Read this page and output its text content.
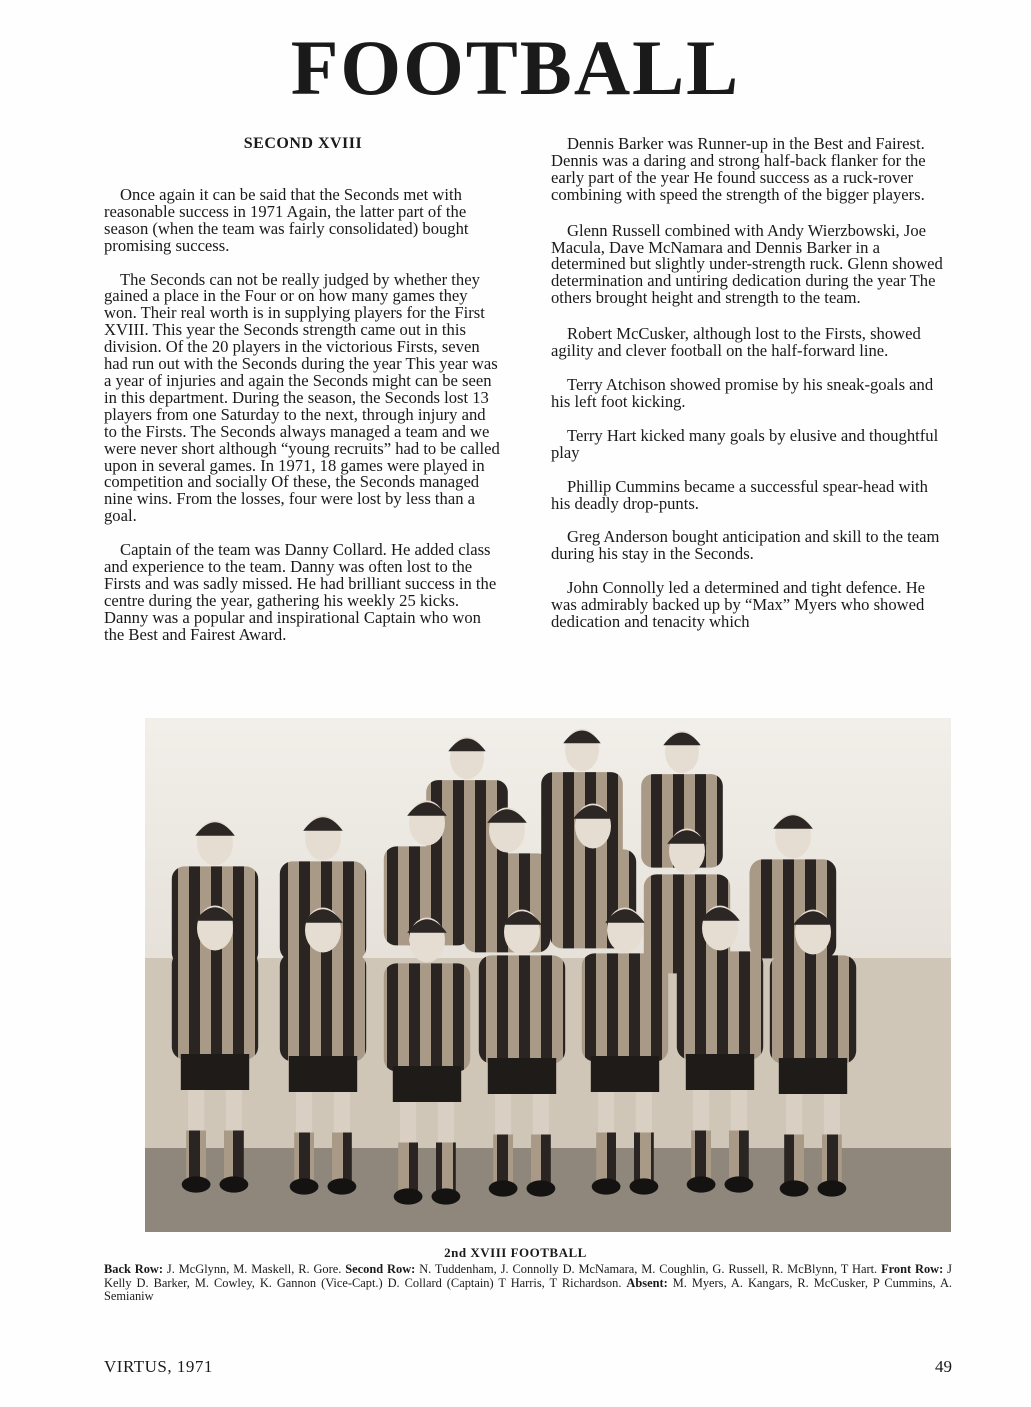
FOOTBALL

SECOND XVIII

Once again it can be said that the Seconds met with reasonable success in 1971 Again, the latter part of the season (when the team was fairly consolidated) bought promising success.

The Seconds can not be really judged by whether they gained a place in the Four or on how many games they won. Their real worth is in supplying players for the First XVIII. This year the Seconds strength came out in this division. Of the 20 players in the victorious Firsts, seven had run out with the Seconds during the year This year was a year of injuries and again the Seconds might can be seen in this department. During the season, the Seconds lost 13 players from one Saturday to the next, through injury and to the Firsts. The Seconds always managed a team and we were never short although “young recruits” had to be called upon in several games. In 1971, 18 games were played in competition and socially Of these, the Seconds managed nine wins. From the losses, four were lost by less than a goal.

Captain of the team was Danny Collard. He added class and experience to the team. Danny was often lost to the Firsts and was sadly missed. He had brilliant success in the centre during the year, gathering his weekly 25 kicks. Danny was a popular and inspirational Captain who won the Best and Fairest Award.

Dennis Barker was Runner-up in the Best and Fairest. Dennis was a daring and strong half-back flanker for the early part of the year He found success as a ruck-rover combining with speed the strength of the bigger players.

Glenn Russell combined with Andy Wierzbowski, Joe Macula, Dave McNamara and Dennis Barker in a determined but slightly under-strength ruck. Glenn showed determination and untiring dedication during the year The others brought height and strength to the team.

Robert McCusker, although lost to the Firsts, showed agility and clever football on the half-forward line.

Terry Atchison showed promise by his sneak-goals and his left foot kicking.

Terry Hart kicked many goals by elusive and thoughtful play

Phillip Cummins became a successful spear-head with his deadly drop-punts.

Greg Anderson bought anticipation and skill to the team during his stay in the Seconds.

John Connolly led a determined and tight defence. He was admirably backed up by “Max” Myers who showed dedication and tenacity which

2nd XVIII FOOTBALL

Back Row: J. McGlynn, M. Maskell, R. Gore. Second Row: N. Tuddenham, J. Connolly D. McNamara, M. Coughlin, G. Russell, R. McBlynn, T Hart. Front Row: J Kelly D. Barker, M. Cowley, K. Gannon (Vice-Capt.) D. Collard (Captain) T Harris, T Richardson. Absent: M. Myers, A. Kangars, R. McCusker, P Cummins, A. Semianiw

VIRTUS, 1971	49
